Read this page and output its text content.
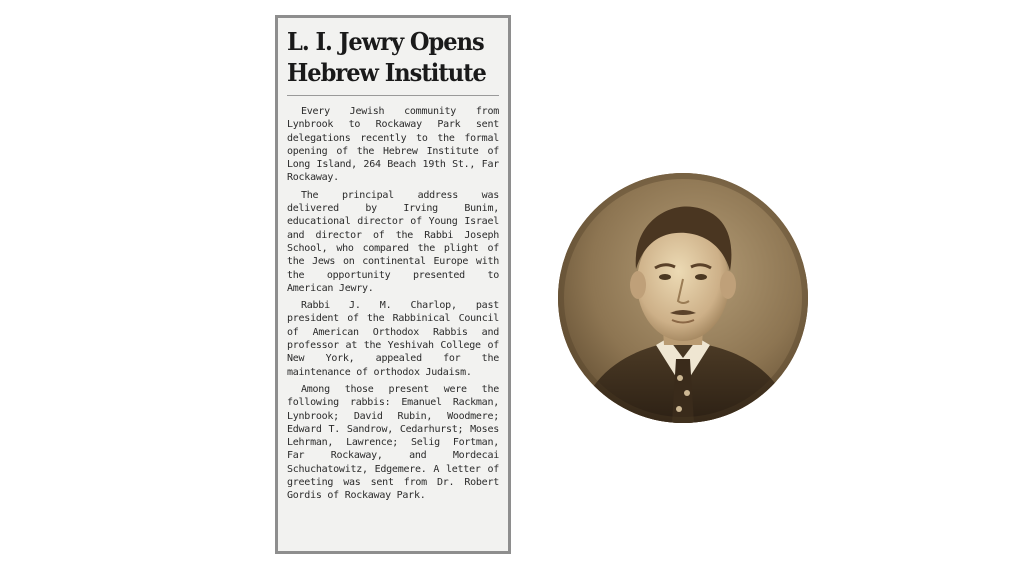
L. I. Jewry Opens
Hebrew Institute

Every Jewish community from Lynbrook to Rockaway Park sent delegations recently to the formal opening of the Hebrew Institute of Long Island, 264 Beach 19th St., Far Rockaway.

The principal address was delivered by Irving Bunim, educational director of Young Israel and director of the Rabbi Joseph School, who compared the plight of the Jews on continental Europe with the opportunity presented to American Jewry.

Rabbi J. M. Charlop, past president of the Rabbinical Council of American Orthodox Rabbis and professor at the Yeshivah College of New York, appealed for the maintenance of orthodox Judaism.

Among those present were the following rabbis: Emanuel Rackman, Lynbrook; David Rubin, Woodmere; Edward T. Sandrow, Cedarhurst; Moses Lehrman, Lawrence; Selig Fortman, Far Rockaway, and Mordecai Schuchatowitz, Edgemere. A letter of greeting was sent from Dr. Robert Gordis of Rockaway Park.
